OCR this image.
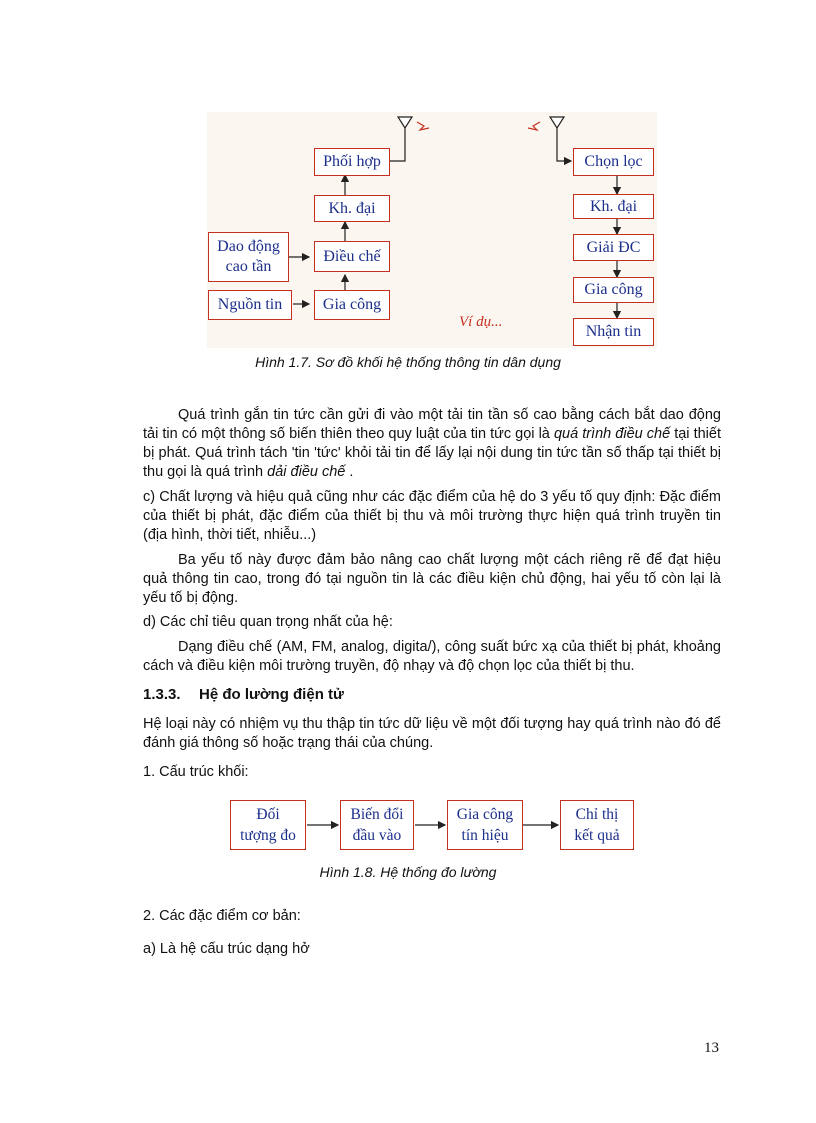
Phối hợp
Kh. đại
Điều chế
Gia công
Dao động
cao tần
Nguồn tin
Chọn lọc
Kh. đại
Giải ĐC
Gia công
Nhận tin
Ví dụ...
Hình 1.7. Sơ đồ khối hệ thống thông tin dân dụng

Quá trình gắn tin tức cần gửi đi vào một tải tin tần số cao bằng cách bắt dao động tải tin có một thông số biến thiên theo quy luật của tin tức gọi là quá trình điều chế tại thiết bị phát. Quá trình tách 'tin 'tức' khỏi tải tin để lấy lại nội dung tin tức tần số thấp tại thiết bị thu gọi là quá trình dải điều chế .

c) Chất lượng và hiệu quả cũng như các đặc điểm của hệ do 3 yếu tố quy định: Đặc điểm của thiết bị phát, đặc điểm của thiết bị thu và môi trường thực hiện quá trình truyền tin (địa hình, thời tiết, nhiễu...)

Ba yếu tố này được đảm bảo nâng cao chất lượng một cách riêng rẽ để đạt hiệu quả thông tin cao, trong đó tại nguồn tin là các điều kiện chủ động, hai yếu tố còn lại là yếu tố bị động.

d) Các chỉ tiêu quan trọng nhất của hệ:

Dạng điều chế (AM, FM, analog, digita/), công suất bức xạ của thiết bị phát, khoảng cách và điều kiện môi trường truyền, độ nhạy và độ chọn lọc của thiết bị thu.

1.3.3. Hệ đo lường điện tử

Hệ loại này có nhiệm vụ thu thập tin tức dữ liệu về một đối tượng hay quá trình nào đó để đánh giá thông số hoặc trạng thái của chúng.

1. Cấu trúc khối:

Đối
tượng đo
Biến đổi
đầu vào
Gia công
tín hiệu
Chỉ thị
kết quả
Hình 1.8. Hệ thống đo lường

2. Các đặc điểm cơ bản:

a) Là hệ cấu trúc dạng hở

13
